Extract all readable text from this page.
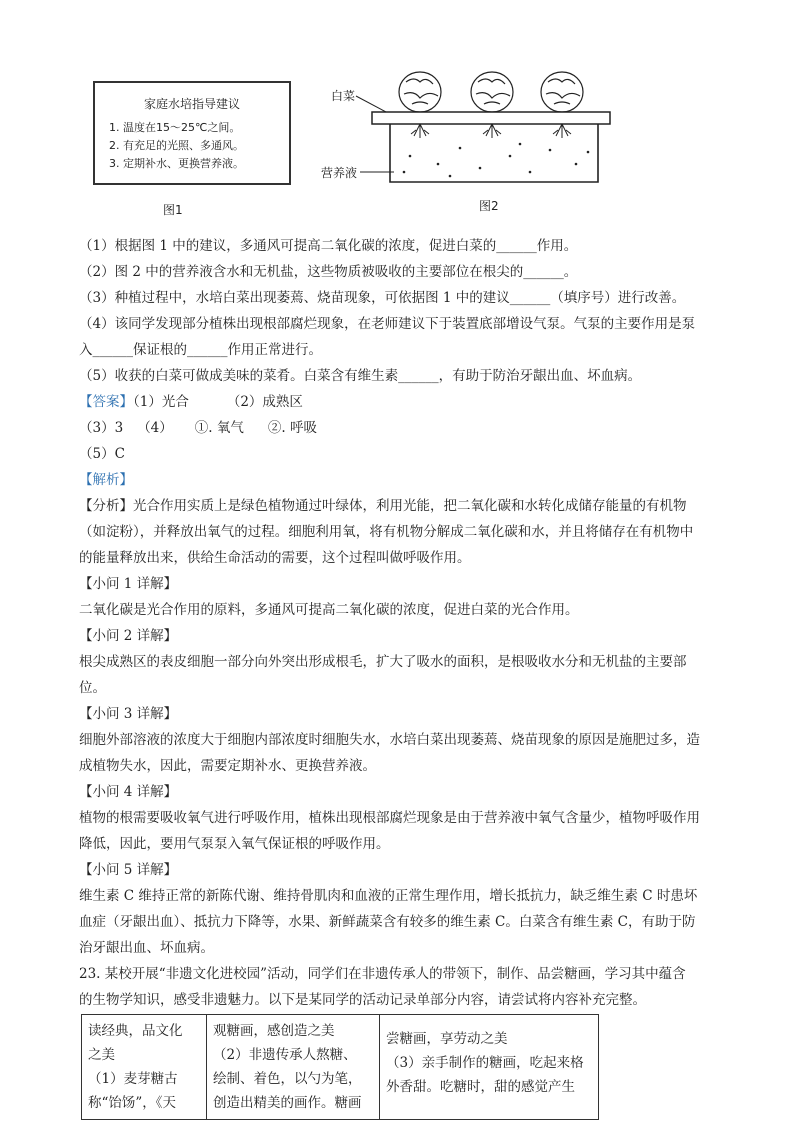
家庭水培指导建议
1. 温度在15～25℃之间。
2. 有充足的光照、多通风。
3. 定期补水、更换营养液。
图1
白菜
营养液
图2
（1）根据图 1 中的建议，多通风可提高二氧化碳的浓度，促进白菜的______作用。
（2）图 2 中的营养液含水和无机盐，这些物质被吸收的主要部位在根尖的______。
（3）种植过程中，水培白菜出现萎蔫、烧苗现象，可依据图 1 中的建议______（填序号）进行改善。
（4）该同学发现部分植株出现根部腐烂现象，在老师建议下于装置底部增设气泵。气泵的主要作用是泵
入______保证根的______作用正常进行。
（5）收获的白菜可做成美味的菜肴。白菜含有维生素______，有助于防治牙龈出血、坏血病。
【答案】（1）光合	（2）成熟区
（3）3 （4） ①. 氧气 ②. 呼吸
（5）C
【解析】
【分析】光合作用实质上是绿色植物通过叶绿体，利用光能，把二氧化碳和水转化成储存能量的有机物
（如淀粉），并释放出氧气的过程。细胞利用氧，将有机物分解成二氧化碳和水，并且将储存在有机物中
的能量释放出来，供给生命活动的需要，这个过程叫做呼吸作用。
【小问 1 详解】
二氧化碳是光合作用的原料，多通风可提高二氧化碳的浓度，促进白菜的光合作用。
【小问 2 详解】
根尖成熟区的表皮细胞一部分向外突出形成根毛，扩大了吸水的面积，是根吸收水分和无机盐的主要部
位。
【小问 3 详解】
细胞外部溶液的浓度大于细胞内部浓度时细胞失水，水培白菜出现萎蔫、烧苗现象的原因是施肥过多，造
成植物失水，因此，需要定期补水、更换营养液。
【小问 4 详解】
植物的根需要吸收氧气进行呼吸作用，植株出现根部腐烂现象是由于营养液中氧气含量少，植物呼吸作用
降低，因此，要用气泵泵入氧气保证根的呼吸作用。
【小问 5 详解】
维生素 C 维持正常的新陈代谢、维持骨肌肉和血液的正常生理作用，增长抵抗力，缺乏维生素 C 时患坏
血症（牙龈出血）、抵抗力下降等，水果、新鲜蔬菜含有较多的维生素 C。白菜含有维生素 C，有助于防
治牙龈出血、坏血病。
23. 某校开展“非遗文化进校园”活动，同学们在非遗传承人的带领下，制作、品尝糖画，学习其中蕴含
的生物学知识，感受非遗魅力。以下是某同学的活动记录单部分内容，请尝试将内容补充完整。
读经典，品文化
之美
（1）麦芽糖古
称“饴饧”，《天

观糖画，感创造之美
（2）非遗传承人熬糖、
绘制、着色，以勺为笔，
创造出精美的画作。糖画

尝糖画，享劳动之美
（3）亲手制作的糖画，吃起来格
外香甜。吃糖时，甜的感觉产生
